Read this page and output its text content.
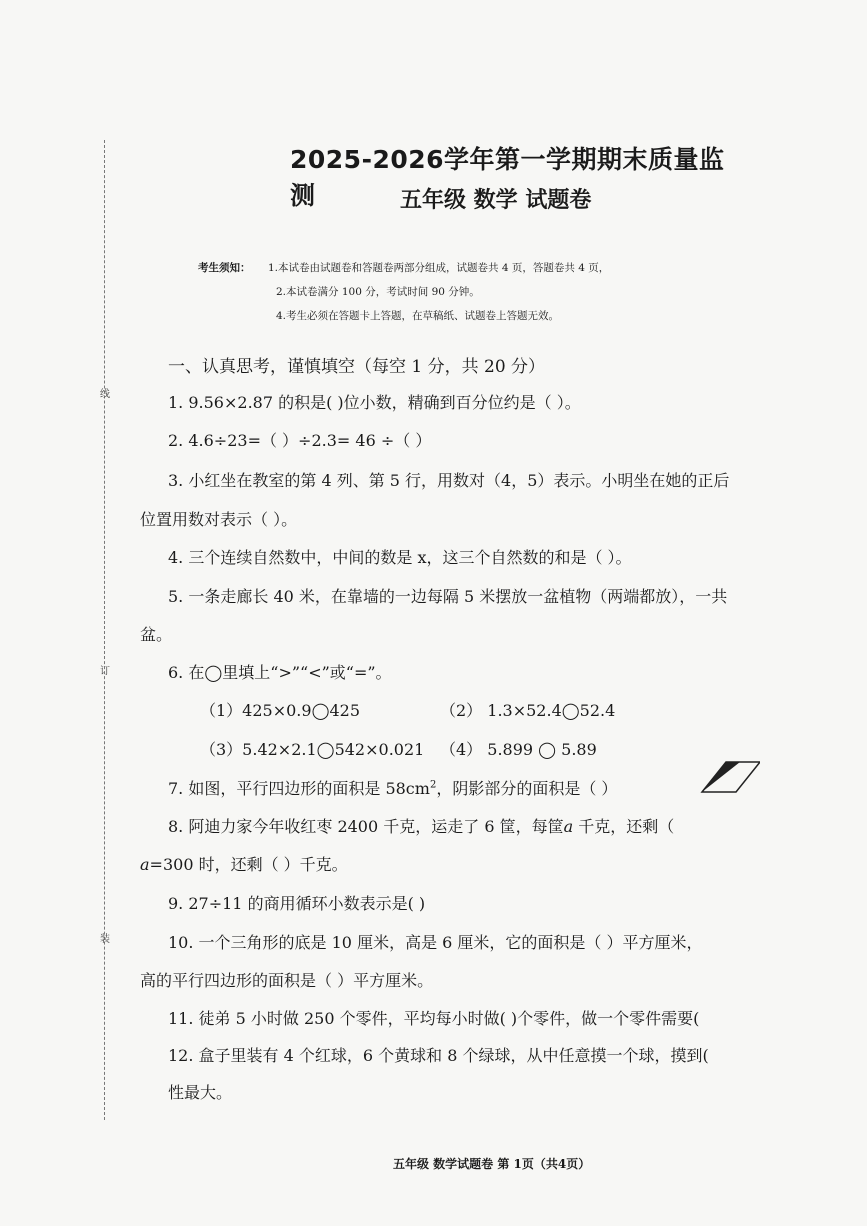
线
订
装
2025-2026学年第一学期期末质量监测	五年级 数学 试题卷
考生须知： 1.本试卷由试题卷和答题卷两部分组成，试题卷共 4 页，答题卷共 4 页，
2.本试卷满分 100 分，考试时间 90 分钟。
4.考生必须在答题卡上答题，在草稿纸、试题卷上答题无效。
一、认真思考，谨慎填空（每空 1 分，共 20 分）
1. 9.56×2.87 的积是( )位小数，精确到百分位约是（ ）。
2. 4.6÷23=（ ）÷2.3= 46 ÷（ ）
3. 小红坐在教室的第 4 列、第 5 行，用数对（4，5）表示。小明坐在她的正后
位置用数对表示（ ）。
4. 三个连续自然数中，中间的数是 x，这三个自然数的和是（ ）。
5. 一条走廊长 40 米，在靠墙的一边每隔 5 米摆放一盆植物（两端都放），一共
盆。
6. 在◯里填上“>”“<”或“=”。
（1）425×0.9◯425	（2） 1.3×52.4◯52.4
（3）5.42×2.1◯542×0.021 （4） 5.899 ◯ 5.89
7. 如图，平行四边形的面积是 $58cm^2$，阴影部分的面积是（ ）
8. 阿迪力家今年收红枣 2400 千克，运走了 6 筐，每筐a 千克，还剩（
a=300 时，还剩（ ）千克。
9. 27÷11 的商用循环小数表示是( )
10. 一个三角形的底是 10 厘米，高是 6 厘米，它的面积是（ ）平方厘米，
高的平行四边形的面积是（ ）平方厘米。
11. 徒弟 5 小时做 250 个零件，平均每小时做( )个零件，做一个零件需要(
12. 盒子里装有 4 个红球，6 个黄球和 8 个绿球，从中任意摸一个球，摸到(
性最大。
五年级 数学试题卷 第 1页（共4页）
